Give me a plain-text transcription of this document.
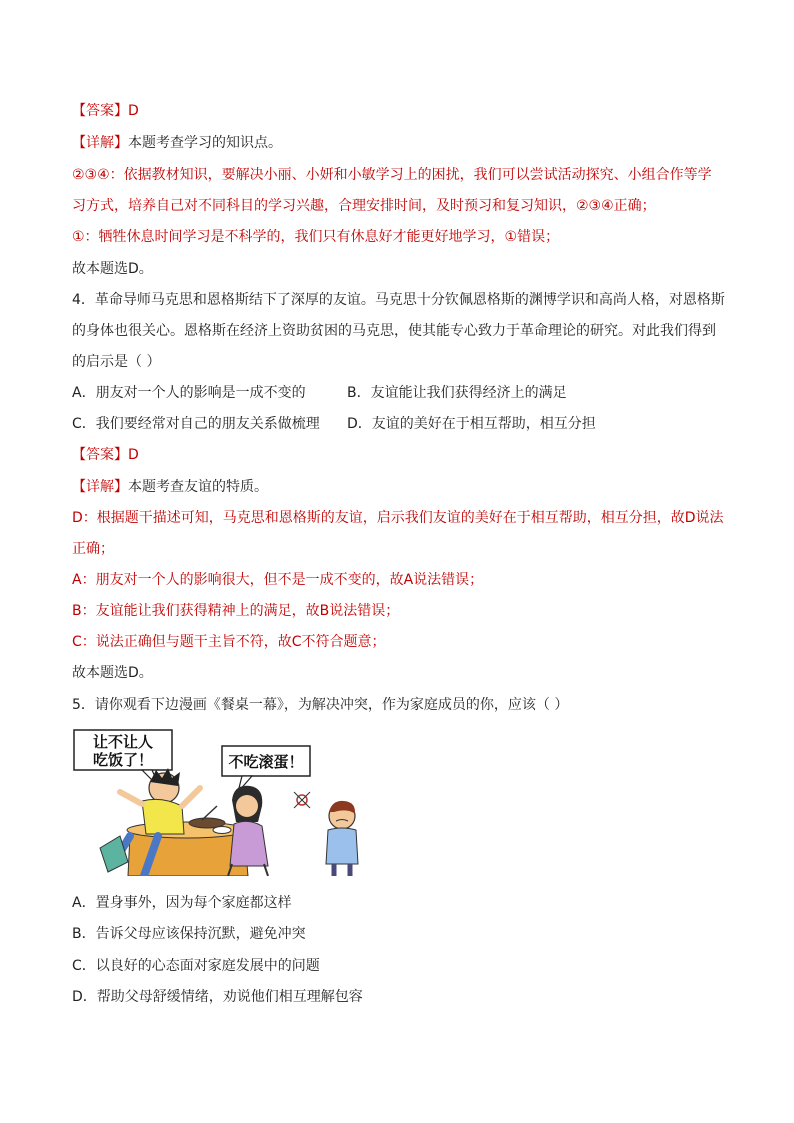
【答案】D
【详解】本题考查学习的知识点。
②③④：依据教材知识，要解决小丽、小妍和小敏学习上的困扰，我们可以尝试活动探究、小组合作等学
习方式，培养自己对不同科目的学习兴趣，合理安排时间，及时预习和复习知识，②③④正确；
①：牺牲休息时间学习是不科学的，我们只有休息好才能更好地学习，①错误；
故本题选D。
4．革命导师马克思和恩格斯结下了深厚的友谊。马克思十分钦佩恩格斯的渊博学识和高尚人格，对恩格斯
的身体也很关心。恩格斯在经济上资助贫困的马克思，使其能专心致力于革命理论的研究。对此我们得到
的启示是（ ）
A．朋友对一个人的影响是一成不变的	B．友谊能让我们获得经济上的满足
C．我们要经常对自己的朋友关系做梳理 D．友谊的美好在于相互帮助，相互分担
【答案】D
【详解】本题考查友谊的特质。
D：根据题干描述可知，马克思和恩格斯的友谊，启示我们友谊的美好在于相互帮助，相互分担，故D说法
正确；
A：朋友对一个人的影响很大，但不是一成不变的，故A说法错误；
B：友谊能让我们获得精神上的满足，故B说法错误；
C：说法正确但与题干主旨不符，故C不符合题意；
故本题选D。
5．请你观看下边漫画《餐桌一幕》，为解决冲突，作为家庭成员的你，应该（ ）
让不让人
吃饭了！	不吃滚蛋！
A．置身事外，因为每个家庭都这样
B．告诉父母应该保持沉默，避免冲突
C．以良好的心态面对家庭发展中的问题
D．帮助父母舒缓情绪，劝说他们相互理解包容
